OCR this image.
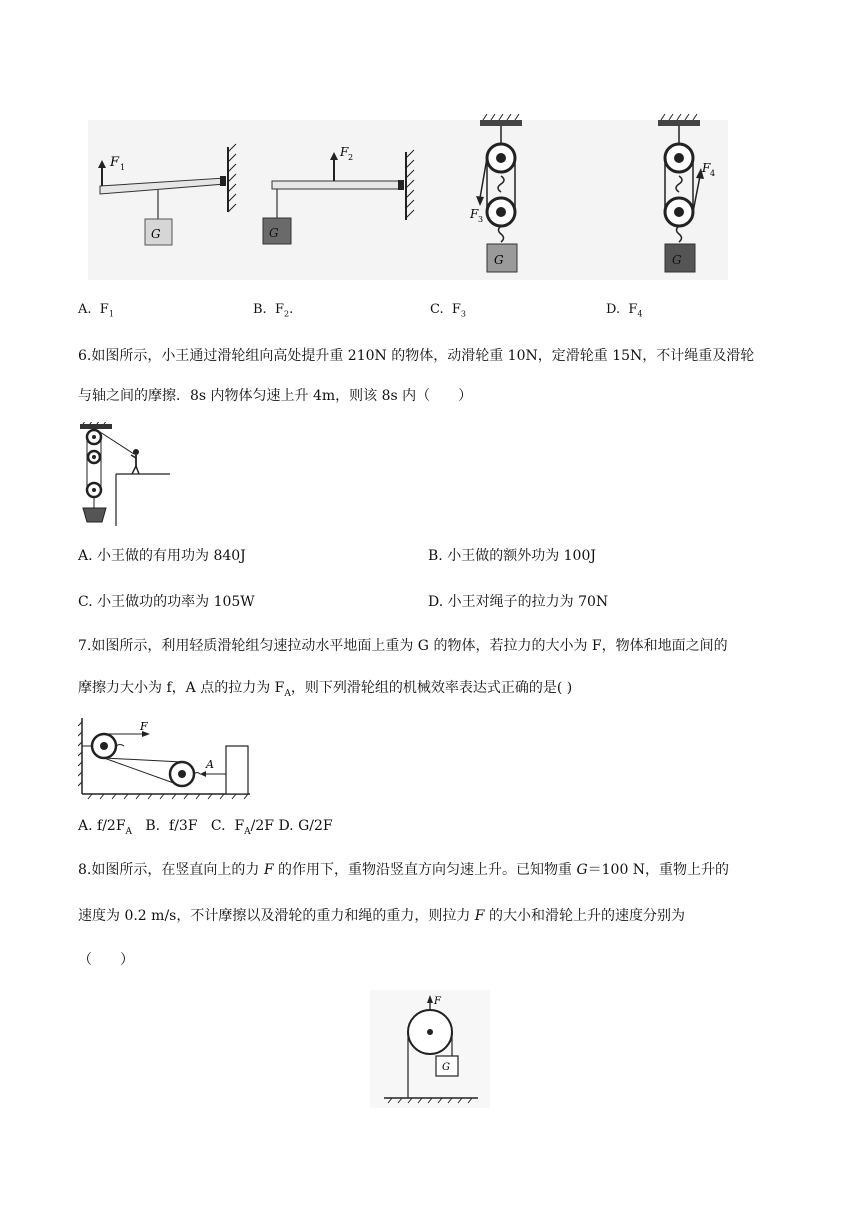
F 1
G
F 2
G
F 3
G
F 4
G
A. $F_1$	B. $F_2$.	C. $F_3$	D. $F_4$
6.如图所示，小王通过滑轮组向高处提升重 210N 的物体，动滑轮重 10N，定滑轮重 15N，不计绳重及滑轮
与轴之间的摩擦．8s 内物体匀速上升 4m，则该 8s 内（　　）
A. 小王做的有用功为 840J	B. 小王做的额外功为 100J
C. 小王做功的功率为 105W	D. 小王对绳子的拉力为 70N
7.如图所示，利用轻质滑轮组匀速拉动水平地面上重为 G 的物体，若拉力的大小为 F，物体和地面之间的
摩擦力大小为 f，A 点的拉力为 $F_A$，则下列滑轮组的机械效率表达式正确的是( )
F
A
A. $f/2F_A$   B.  f/3F   C.  $F_A/2F$ D. G/2F
8.如图所示，在竖直向上的力 F 的作用下，重物沿竖直方向匀速上升。已知物重 G＝100 N，重物上升的
速度为 0.2 m/s，不计摩擦以及滑轮的重力和绳的重力，则拉力 F 的大小和滑轮上升的速度分别为
（　　）
F
G
